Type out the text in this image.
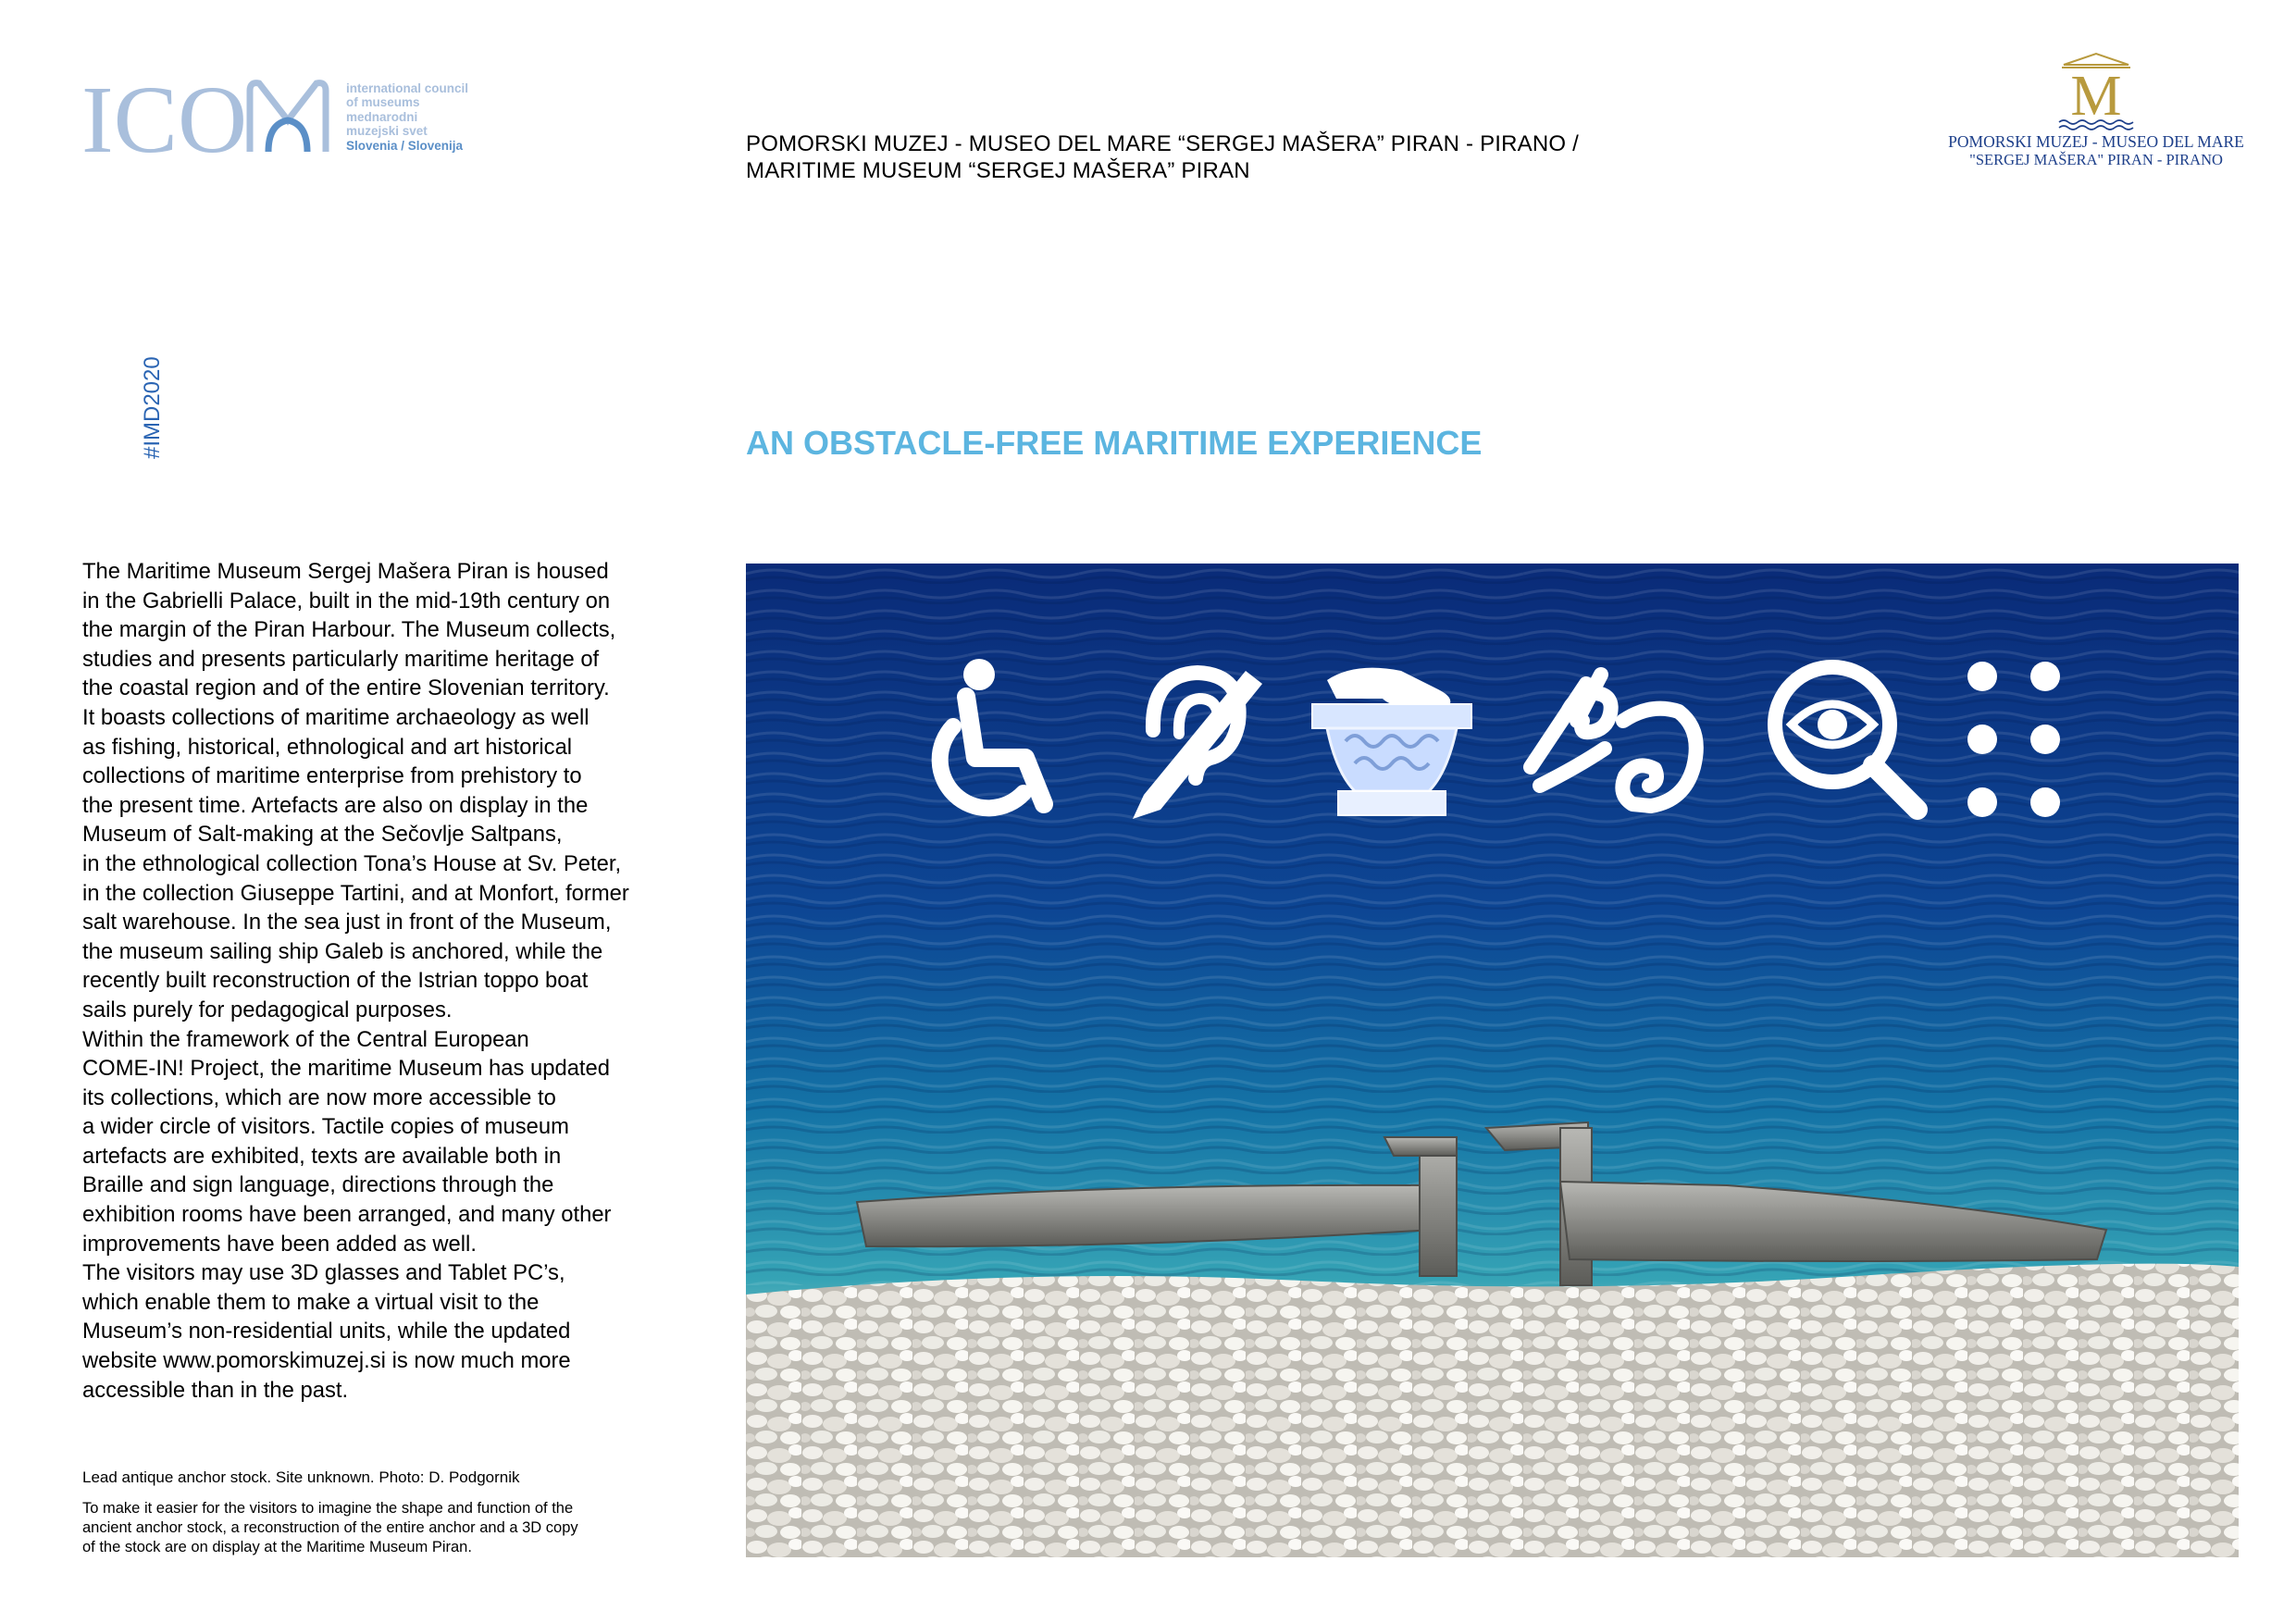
ICO	international council
of museums
mednarodni
muzejski svet
Slovenia / Slovenija	POMORSKI MUZEJ - MUSEO DEL MARE “SERGEJ MAŠERA” PIRAN - PIRANO /
MARITIME MUSEUM “SERGEJ MAŠERA” PIRAN
M
POMORSKI MUZEJ - MUSEO DEL MARE
"SERGEJ MAŠERA" PIRAN - PIRANO
#IMD2020	AN OBSTACLE-FREE MARITIME EXPERIENCE
The Maritime Museum Sergej Mašera Piran is housed
in the Gabrielli Palace, built in the mid-19th century on
the margin of the Piran Harbour. The Museum collects,
studies and presents particularly maritime heritage of
the coastal region and of the entire Slovenian territory.
It boasts collections of maritime archaeology as well
as fishing, historical, ethnological and art historical
collections of maritime enterprise from prehistory to
the present time. Artefacts are also on display in the
Museum of Salt-making at the Sečovlje Saltpans,
in the ethnological collection Tona’s House at Sv. Peter,
in the collection Giuseppe Tartini, and at Monfort, former
salt warehouse. In the sea just in front of the Museum,
the museum sailing ship Galeb is anchored, while the
recently built reconstruction of the Istrian toppo boat
sails purely for pedagogical purposes.
Within the framework of the Central European
COME-IN! Project, the maritime Museum has updated
its collections, which are now more accessible to
a wider circle of visitors. Tactile copies of museum
artefacts are exhibited, texts are available both in
Braille and sign language, directions through the
exhibition rooms have been arranged, and many other
improvements have been added as well.
The visitors may use 3D glasses and Tablet PC’s,
which enable them to make a virtual visit to the
Museum’s non-residential units, while the updated
website www.pomorskimuzej.si is now much more
accessible than in the past.
Lead antique anchor stock. Site unknown. Photo: D. Podgornik
To make it easier for the visitors to imagine the shape and function of the
ancient anchor stock, a reconstruction of the entire anchor and a 3D copy
of the stock are on display at the Maritime Museum Piran.
